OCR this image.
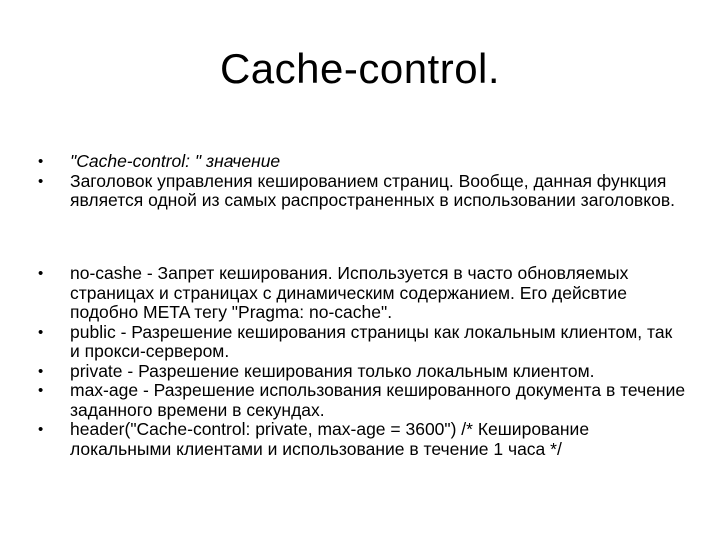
Cache-control.
•	"Cache-control: " значение
•	Заголовок управления кешированием страниц. Вообще, данная функция является одной из самых распространенных в использовании заголовков.
•	no-cashe - Запрет кеширования. Используется в часто обновляемых страницах и страницах с динамическим содержанием. Его дейсвтие подобно META тегу "Pragma: no-cache".
•	public - Разрешение кеширования страницы как локальным клиентом, так и прокси-сервером.
•	private - Разрешение кеширования только локальным клиентом.
•	max-age - Разрешение использования кешированного документа в течение заданного времени в секундах.
•	header("Cache-control: private, max-age = 3600") /* Кеширование локальными клиентами и использование в течение 1 часа */
